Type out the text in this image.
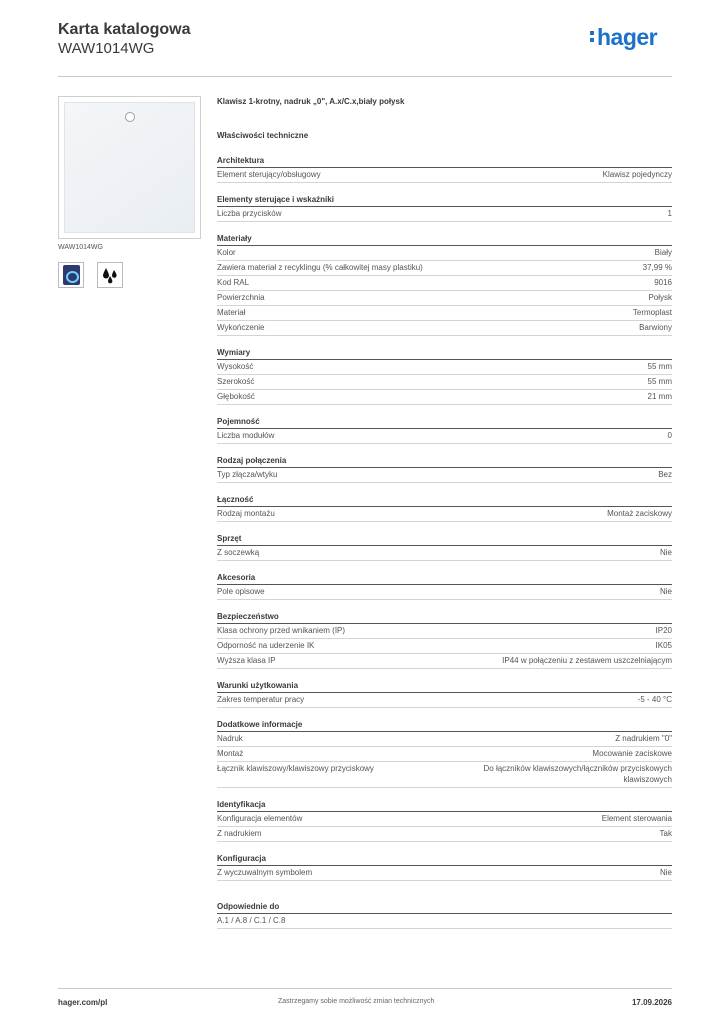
Karta katalogowa
WAW1014WG	hager
WAW1014WG
Klawisz 1-krotny, nadruk „0", A.x/C.x,biały połysk
Właściwości techniczne
Architektura
Element sterujący/obsługowy	Klawisz pojedynczy
Elementy sterujące i wskaźniki
Liczba przycisków	1
Materiały
Kolor	Biały
Zawiera materiał z recyklingu (% całkowitej masy plastiku)	37,99 %
Kod RAL	9016
Powierzchnia	Połysk
Materiał	Termoplast
Wykończenie	Barwiony
Wymiary
Wysokość	55 mm
Szerokość	55 mm
Głębokość	21 mm
Pojemność
Liczba modułów	0
Rodzaj połączenia
Typ złącza/wtyku	Bez
Łączność
Rodzaj montażu	Montaż zaciskowy
Sprzęt
Z soczewką	Nie
Akcesoria
Pole opisowe	Nie
Bezpieczeństwo
Klasa ochrony przed wnikaniem (IP)	IP20
Odporność na uderzenie IK	IK05
Wyższa klasa IP	IP44 w połączeniu z zestawem uszczelniającym
Warunki użytkowania
Zakres temperatur pracy	-5 - 40 °C
Dodatkowe informacje
Nadruk	Z nadrukiem "0"
Montaż	Mocowanie zaciskowe
Łącznik klawiszowy/klawiszowy przyciskowy	Do łączników klawiszowych/łączników przyciskowych klawiszowych
Identyfikacja
Konfiguracja elementów	Element sterowania
Z nadrukiem	Tak
Konfiguracja
Z wyczuwalnym symbolem	Nie
Odpowiednie do
A.1 / A.8 / C.1 / C.8
hager.com/pl	Zastrzegamy sobie możliwość zmian technicznych	17.09.2026
